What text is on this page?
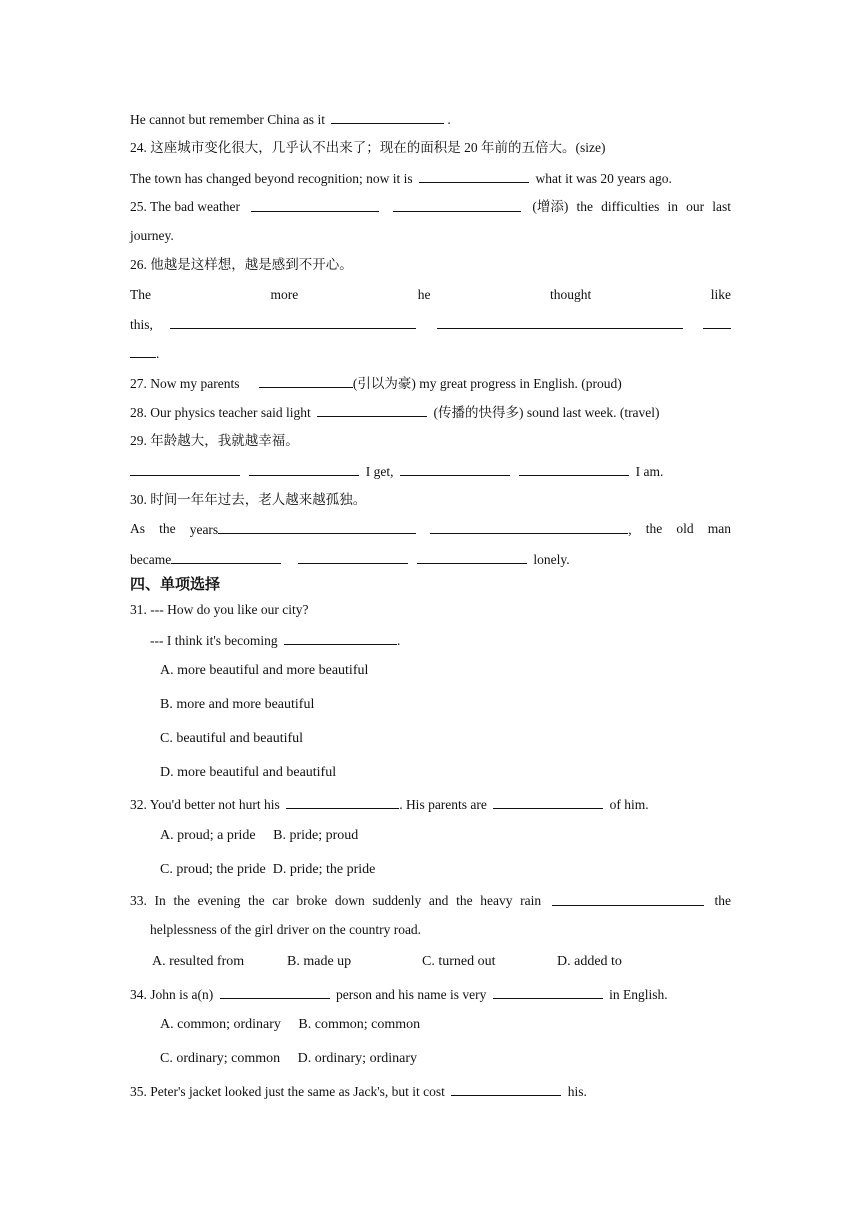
He cannot but remember China as it	.
24. 这座城市变化很大，几乎认不出来了；现在的面积是 20 年前的五倍大。(size)
The town has changed beyond recognition; now it is	what it was 20 years ago.
25. The bad weather	(增添) the difficulties in our last
journey.
26. 他越是这样想，越是感到不开心。
The	more	he	thought	like
this,
.
27. Now my parents	(引以为豪) my great progress in English. (proud)
28. Our physics teacher said light	(传播的快得多) sound last week. (travel)
29. 年龄越大，我就越幸福。
I get,	I am.
30. 时间一年年过去，老人越来越孤独。
As the years	, the old man
became	lonely.
四、单项选择
31. --- How do you like our city?
--- I think it's becoming	.
A. more beautiful and more beautiful
B. more and more beautiful
C. beautiful and beautiful
D. more beautiful and beautiful
32. You'd better not hurt his	. His parents are	of him.
A. proud; a pride     B. pride; proud
C. proud; the pride  D. pride; the pride
33. In the evening the car broke down suddenly and the heavy rain	the
helplessness of the girl driver on the country road.
A. resulted from	B. made up	C. turned out	D. added to
34. John is a(n)	person and his name is very	in English.
A. common; ordinary     B. common; common
C. ordinary; common     D. ordinary; ordinary
35. Peter's jacket looked just the same as Jack's, but it cost	his.
